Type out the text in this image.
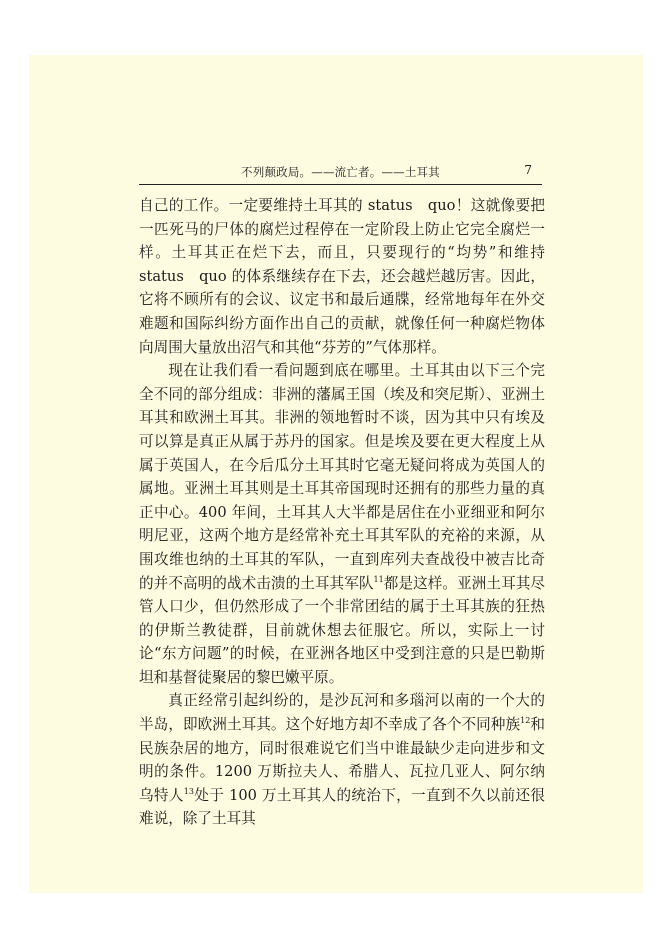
不列颠政局。——流亡者。——土耳其	7

自己的工作。一定要维持土耳其的 status　quo！这就像要把一匹死马的尸体的腐烂过程停在一定阶段上防止它完全腐烂一样。土耳其正在烂下去，而且，只要现行的“均势”和维持 status　quo 的体系继续存在下去，还会越烂越厉害。因此，它将不顾所有的会议、议定书和最后通牒，经常地每年在外交难题和国际纠纷方面作出自己的贡献，就像任何一种腐烂物体向周围大量放出沼气和其他“芬芳的”气体那样。

现在让我们看一看问题到底在哪里。土耳其由以下三个完全不同的部分组成：非洲的藩属王国（埃及和突尼斯）、亚洲土耳其和欧洲土耳其。非洲的领地暂时不谈，因为其中只有埃及可以算是真正从属于苏丹的国家。但是埃及要在更大程度上从属于英国人，在今后瓜分土耳其时它毫无疑问将成为英国人的属地。亚洲土耳其则是土耳其帝国现时还拥有的那些力量的真正中心。400 年间，土耳其人大半都是居住在小亚细亚和阿尔明尼亚，这两个地方是经常补充土耳其军队的充裕的来源，从围攻维也纳的土耳其的军队，一直到库列夫查战役中被吉比奇的并不高明的战术击溃的土耳其军队$^{11}$都是这样。亚洲土耳其尽管人口少，但仍然形成了一个非常团结的属于土耳其族的狂热的伊斯兰教徒群，目前就休想去征服它。所以，实际上一讨论“东方问题”的时候，在亚洲各地区中受到注意的只是巴勒斯坦和基督徒聚居的黎巴嫩平原。

真正经常引起纠纷的，是沙瓦河和多瑙河以南的一个大的半岛，即欧洲土耳其。这个好地方却不幸成了各个不同种族$^{12}$和民族杂居的地方，同时很难说它们当中谁最缺少走向进步和文明的条件。1200 万斯拉夫人、希腊人、瓦拉几亚人、阿尔纳乌特人$^{13}$处于 100 万土耳其人的统治下，一直到不久以前还很难说，除了土耳其
